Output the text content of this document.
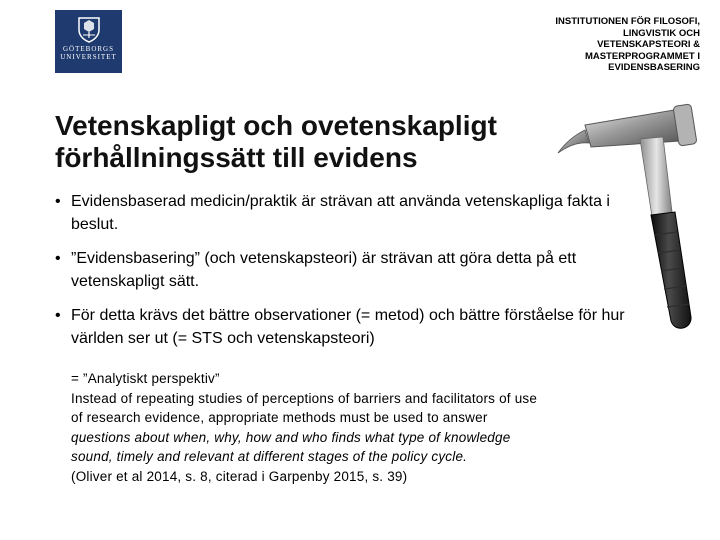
GÖTEBORGS
UNIVERSITET
INSTITUTIONEN FÖR FILOSOFI,
LINGVISTIK OCH
VETENSKAPSTEORI &
MASTERPROGRAMMET I
EVIDENSBASERING
Vetenskapligt och ovetenskapligt
förhållningssätt till evidens
• Evidensbaserad medicin/praktik är strävan att använda vetenskapliga fakta i beslut.
• ”Evidensbasering” (och vetenskapsteori) är strävan att göra detta på ett vetenskapligt sätt.
• För detta krävs det bättre observationer (= metod) och bättre förståelse för hur världen ser ut (= STS och vetenskapsteori)
= ”Analytiskt perspektiv”
Instead of repeating studies of perceptions of barriers and facilitators of use
of research evidence, appropriate methods must be used to answer
questions about when, why, how and who finds what type of knowledge
sound, timely and relevant at different stages of the policy cycle.
(Oliver et al 2014, s. 8, citerad i Garpenby 2015, s. 39)
